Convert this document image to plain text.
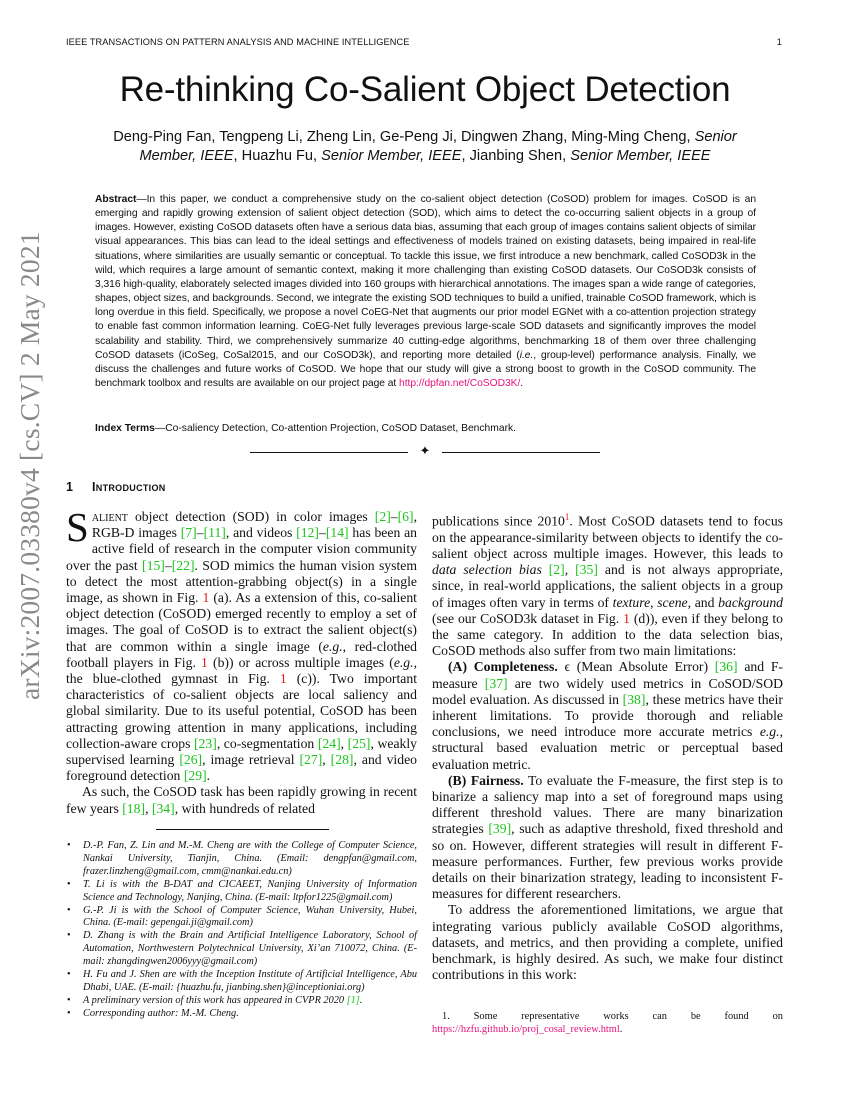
IEEE TRANSACTIONS ON PATTERN ANALYSIS AND MACHINE INTELLIGENCE	1
Re-thinking Co-Salient Object Detection
Deng-Ping Fan, Tengpeng Li, Zheng Lin, Ge-Peng Ji, Dingwen Zhang, Ming-Ming Cheng, Senior
Member, IEEE, Huazhu Fu, Senior Member, IEEE, Jianbing Shen, Senior Member, IEEE
Abstract—In this paper, we conduct a comprehensive study on the co-salient object detection (CoSOD) problem for images. CoSOD is an emerging and rapidly growing extension of salient object detection (SOD), which aims to detect the co-occurring salient objects in a group of images. However, existing CoSOD datasets often have a serious data bias, assuming that each group of images contains salient objects of similar visual appearances. This bias can lead to the ideal settings and effectiveness of models trained on existing datasets, being impaired in real-life situations, where similarities are usually semantic or conceptual. To tackle this issue, we first introduce a new benchmark, called CoSOD3k in the wild, which requires a large amount of semantic context, making it more challenging than existing CoSOD datasets. Our CoSOD3k consists of 3,316 high-quality, elaborately selected images divided into 160 groups with hierarchical annotations. The images span a wide range of categories, shapes, object sizes, and backgrounds. Second, we integrate the existing SOD techniques to build a unified, trainable CoSOD framework, which is long overdue in this field. Specifically, we propose a novel CoEG-Net that augments our prior model EGNet with a co-attention projection strategy to enable fast common information learning. CoEG-Net fully leverages previous large-scale SOD datasets and significantly improves the model scalability and stability. Third, we comprehensively summarize 40 cutting-edge algorithms, benchmarking 18 of them over three challenging CoSOD datasets (iCoSeg, CoSal2015, and our CoSOD3k), and reporting more detailed (i.e., group-level) performance analysis. Finally, we discuss the challenges and future works of CoSOD. We hope that our study will give a strong boost to growth in the CoSOD community. The benchmark toolbox and results are available on our project page at http://dpfan.net/CoSOD3K/.
Index Terms—Co-saliency Detection, Co-attention Projection, CoSOD Dataset, Benchmark.
✦
1 Introduction

Salient object detection (SOD) in color images [2]–[6], RGB-D images [7]–[11], and videos [12]–[14] has been an active field of research in the computer vision community over the past [15]–[22]. SOD mimics the human vision system to detect the most attention-grabbing object(s) in a single image, as shown in Fig. 1 (a). As a extension of this, co-salient object detection (CoSOD) emerged recently to employ a set of images. The goal of CoSOD is to extract the salient object(s) that are common within a single image (e.g., red-clothed football players in Fig. 1 (b)) or across multiple images (e.g., the blue-clothed gymnast in Fig. 1 (c)). Two important characteristics of co-salient objects are local saliency and global similarity. Due to its useful potential, CoSOD has been attracting growing attention in many applications, including collection-aware crops [23], co-segmentation [24], [25], weakly supervised learning [26], image retrieval [27], [28], and video foreground detection [29].

As such, the CoSOD task has been rapidly growing in recent few years [18], [34], with hundreds of related

• D.-P. Fan, Z. Lin and M.-M. Cheng are with the College of Computer Science, Nankai University, Tianjin, China. (Email: dengpfan@gmail.com, frazer.linzheng@gmail.com, cmm@nankai.edu.cn)
• T. Li is with the B-DAT and CICAEET, Nanjing University of Information Science and Technology, Nanjing, China. (E-mail: ltpfor1225@gmail.com)
• G.-P. Ji is with the School of Computer Science, Wuhan University, Hubei, China. (E-mail: gepengai.ji@gmail.com)
• D. Zhang is with the Brain and Artificial Intelligence Laboratory, School of Automation, Northwestern Polytechnical University, Xi’an 710072, China. (E-mail: zhangdingwen2006yyy@gmail.com)
• H. Fu and J. Shen are with the Inception Institute of Artificial Intelligence, Abu Dhabi, UAE. (E-mail: {huazhu.fu, jianbing.shen}@inceptioniai.org)
• A preliminary version of this work has appeared in CVPR 2020 [1].
• Corresponding author: M.-M. Cheng.

publications since 2010$^1$. Most CoSOD datasets tend to focus on the appearance-similarity between objects to identify the co-salient object across multiple images. However, this leads to data selection bias [2], [35] and is not always appropriate, since, in real-world applications, the salient objects in a group of images often vary in terms of texture, scene, and background (see our CoSOD3k dataset in Fig. 1 (d)), even if they belong to the same category. In addition to the data selection bias, CoSOD methods also suffer from two main limitations:

(A) Completeness. ϵ (Mean Absolute Error) [36] and F-measure [37] are two widely used metrics in CoSOD/SOD model evaluation. As discussed in [38], these metrics have their inherent limitations. To provide thorough and reliable conclusions, we need introduce more accurate metrics e.g., structural based evaluation metric or perceptual based evaluation metric.

(B) Fairness. To evaluate the F-measure, the first step is to binarize a saliency map into a set of foreground maps using different threshold values. There are many binarization strategies [39], such as adaptive threshold, fixed threshold and so on. However, different strategies will result in different F-measure performances. Further, few previous works provide details on their binarization strategy, leading to inconsistent F-measures for different researchers.

To address the aforementioned limitations, we argue that integrating various publicly available CoSOD algorithms, datasets, and metrics, and then providing a complete, unified benchmark, is highly desired. As such, we make four distinct contributions in this work:

1. Some representative works can be found on https://hzfu.github.io/proj_cosal_review.html.
arXiv:2007.03380v4 [cs.CV] 2 May 2021
